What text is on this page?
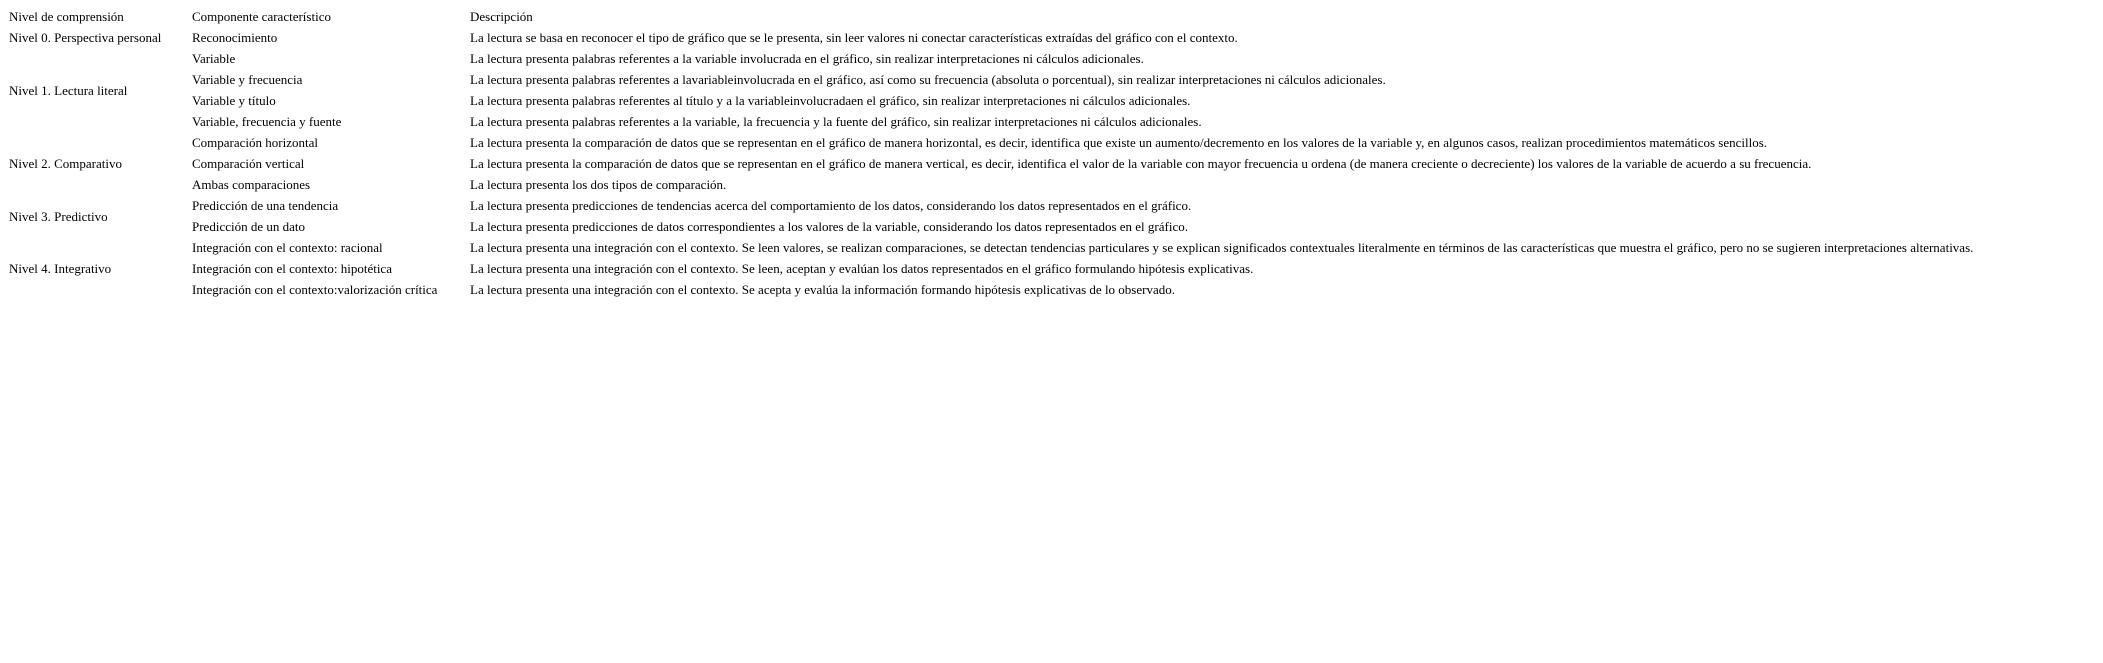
Nivel de comprensión	Componente característico	Descripción
Nivel 0. Perspectiva personal	Reconocimiento	La lectura se basa en reconocer el tipo de gráfico que se le presenta, sin leer valores ni conectar características extraídas del gráfico con el contexto.
Nivel 1. Lectura literal	Variable	La lectura presenta palabras referentes a la variable involucrada en el gráfico, sin realizar interpretaciones ni cálculos adicionales.
	Variable y frecuencia	La lectura presenta palabras referentes a lavariableinvolucrada en el gráfico, así como su frecuencia (absoluta o porcentual), sin realizar interpretaciones ni cálculos adicionales.
	Variable y título	La lectura presenta palabras referentes al título y a la variableinvolucradaen el gráfico, sin realizar interpretaciones ni cálculos adicionales.
	Variable, frecuencia y fuente	La lectura presenta palabras referentes a la variable, la frecuencia y la fuente del gráfico, sin realizar interpretaciones ni cálculos adicionales.
Nivel 2. Comparativo	Comparación horizontal	La lectura presenta la comparación de datos que se representan en el gráfico de manera horizontal, es decir, identifica que existe un aumento/decremento en los valores de la variable y, en algunos casos, realizan procedimientos matemáticos sencillos.
	Comparación vertical	La lectura presenta la comparación de datos que se representan en el gráfico de manera vertical, es decir, identifica el valor de la variable con mayor frecuencia u ordena (de manera creciente o decreciente) los valores de la variable de acuerdo a su frecuencia.
	Ambas comparaciones	La lectura presenta los dos tipos de comparación.
Nivel 3. Predictivo	Predicción de una tendencia	La lectura presenta predicciones de tendencias acerca del comportamiento de los datos, considerando los datos representados en el gráfico.
	Predicción de un dato	La lectura presenta predicciones de datos correspondientes a los valores de la variable, considerando los datos representados en el gráfico.
Nivel 4. Integrativo	Integración con el contexto: racional	La lectura presenta una integración con el contexto. Se leen valores, se realizan comparaciones, se detectan tendencias particulares y se explican significados contextuales literalmente en términos de las características que muestra el gráfico, pero no se sugieren interpretaciones alternativas.
	Integración con el contexto: hipotética	La lectura presenta una integración con el contexto. Se leen, aceptan y evalúan los datos representados en el gráfico formulando hipótesis explicativas.
	Integración con el contexto:valorización crítica	La lectura presenta una integración con el contexto. Se acepta y evalúa la información formando hipótesis explicativas de lo observado.
